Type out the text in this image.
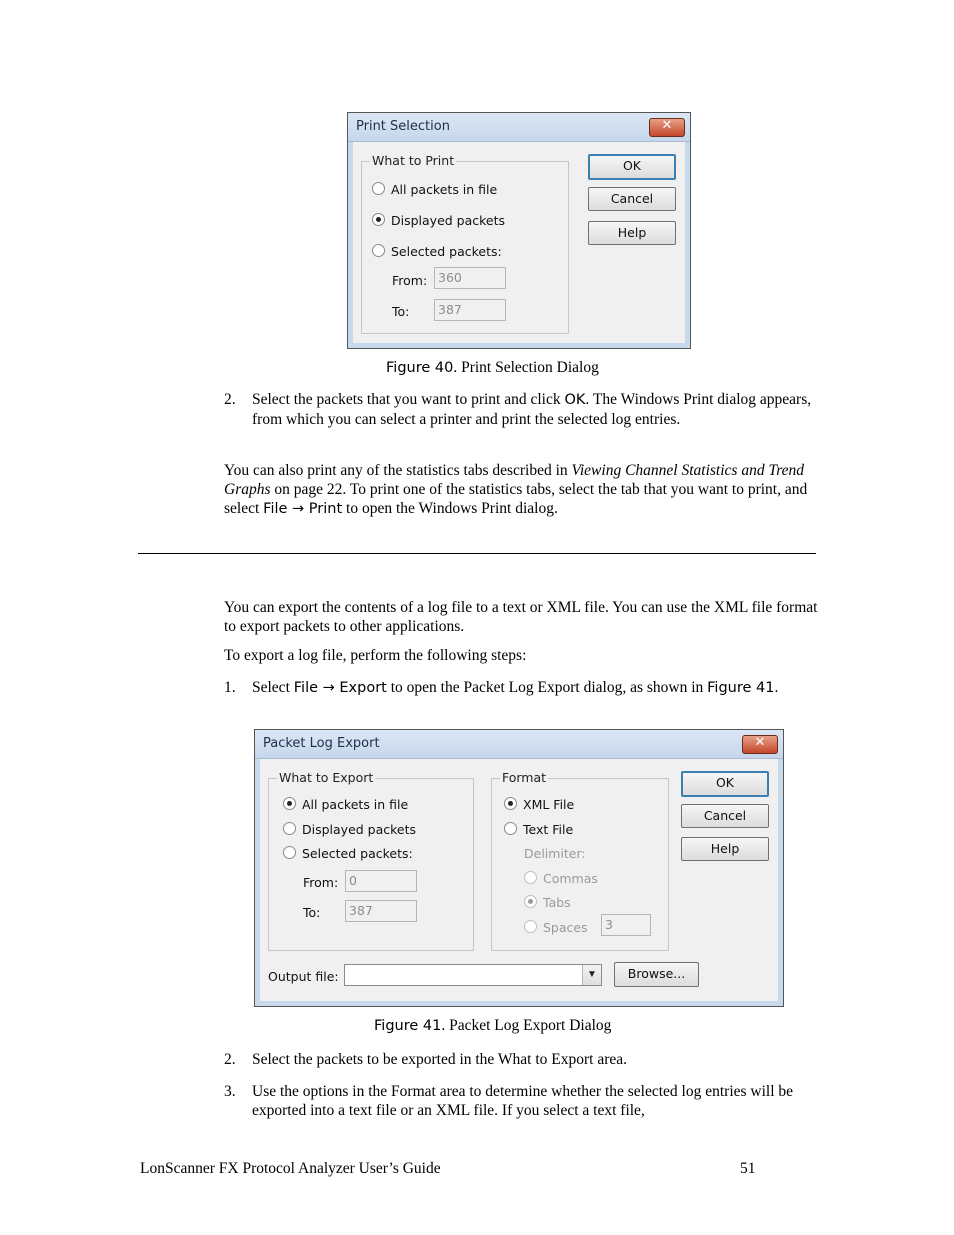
Print Selection	✕
What to Print
All packets in file
Displayed packets
Selected packets:
From: 360
To:	387
OK
Cancel
Help
Figure 40. Print Selection Dialog
2. Select the packets that you want to print and click OK. The Windows Print dialog appears, from which you can select a printer and print the selected log entries.
You can also print any of the statistics tabs described in Viewing Channel Statistics and Trend Graphs on page 22. To print one of the statistics tabs, select the tab that you want to print, and select File → Print to open the Windows Print dialog.
You can export the contents of a log file to a text or XML file. You can use the XML file format to export packets to other applications.
To export a log file, perform the following steps:
1. Select File → Export to open the Packet Log Export dialog, as shown in Figure 41.
Packet Log Export	✕
What to Export
All packets in file
Displayed packets
Selected packets:
From: 0
To:	387
Format
XML File
Text File
Delimiter:
Commas
Tabs
Spaces	3
OK
Cancel
Help
Output file:	▼	Browse...
Figure 41. Packet Log Export Dialog
2. Select the packets to be exported in the What to Export area.
3. Use the options in the Format area to determine whether the selected log entries will be exported into a text file or an XML file. If you select a text file,
LonScanner FX Protocol Analyzer User’s Guide	51
